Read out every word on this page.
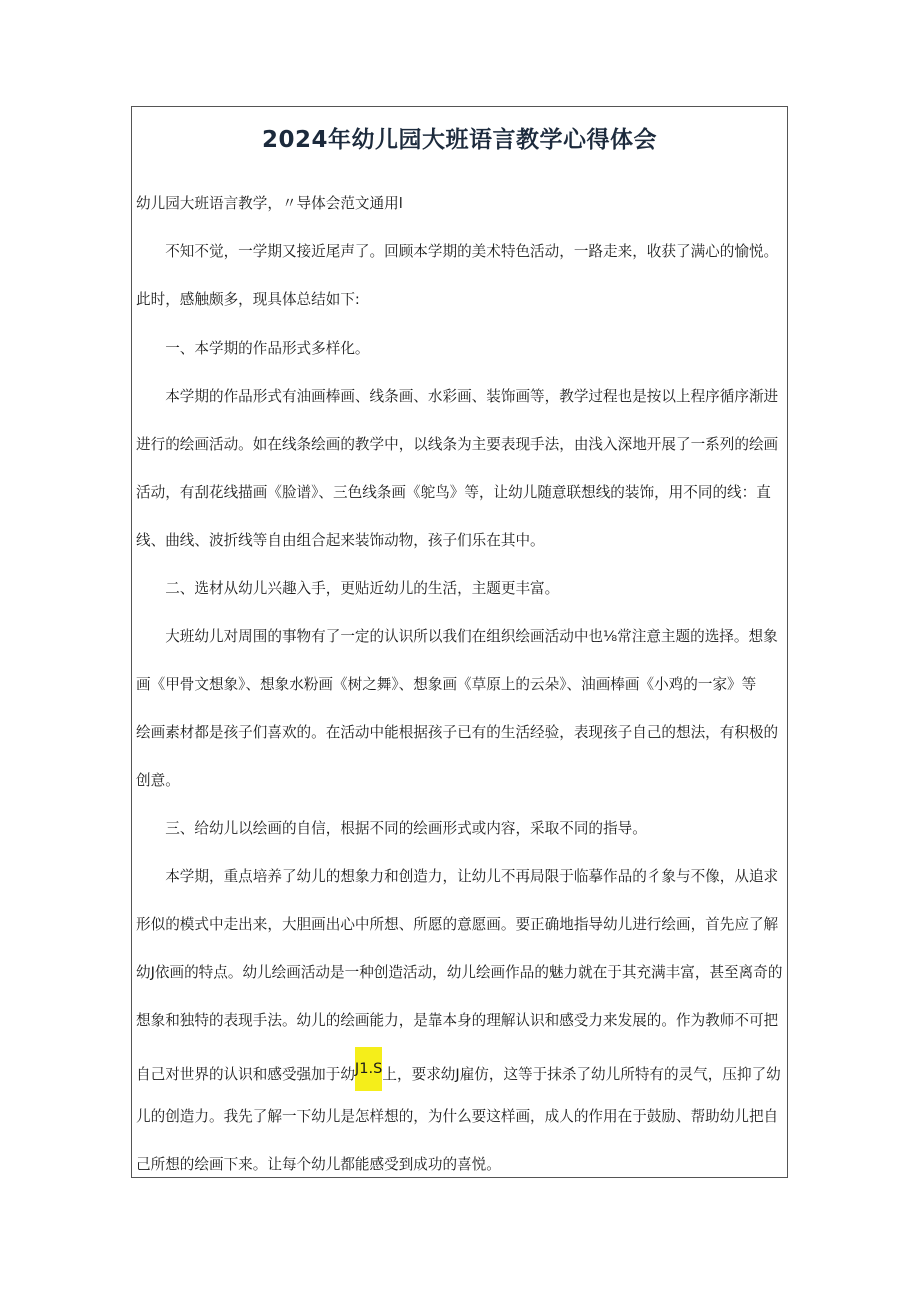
2024年幼儿园大班语言教学心得体会
幼儿园大班语言教学，〃导体会范文通用l
　　不知不觉，一学期又接近尾声了。回顾本学期的美术特色活动，一路走来，收获了满心的愉悦。
此时，感触颇多，现具体总结如下:
　　一、本学期的作品形式多样化。
　　本学期的作品形式有油画棒画、线条画、水彩画、装饰画等，教学过程也是按以上程序循序渐进
进行的绘画活动。如在线条绘画的教学中，以线条为主要表现手法，由浅入深地开展了一系列的绘画
活动，有刮花线描画《脸谱》、三色线条画《鸵鸟》等，让幼儿随意联想线的装饰，用不同的线：直
线、曲线、波折线等自由组合起来装饰动物，孩子们乐在其中。
　　二、选材从幼儿兴趣入手，更贴近幼儿的生活，主题更丰富。
　　大班幼儿对周围的事物有了一定的认识所以我们在组织绘画活动中也⅛常注意主题的选择。想象
画《甲骨文想象》、想象水粉画《树之舞》、想象画《草原上的云朵》、油画棒画《小鸡的一家》等
绘画素材都是孩子们喜欢的。在活动中能根据孩子已有的生活经验，表现孩子自己的想法，有积极的
创意。
　　三、给幼儿以绘画的自信，根据不同的绘画形式或内容，采取不同的指导。
　　本学期，重点培养了幼儿的想象力和创造力，让幼儿不再局限于临摹作品的彳象与不像，从追求
形似的模式中走出来，大胆画出心中所想、所愿的意愿画。要正确地指导幼儿进行绘画，首先应了解
幼J依画的特点。幼儿绘画活动是一种创造活动，幼儿绘画作品的魅力就在于其充满丰富，甚至离奇的
想象和独特的表现手法。幼儿的绘画能力，是靠本身的理解认识和感受力来发展的。作为教师不可把
自己对世界的认识和感受强加于幼J1.S上，要求幼J雇仿，这等于抹杀了幼儿所特有的灵气，压抑了幼
儿的创造力。我先了解一下幼儿是怎样想的，为什么要这样画，成人的作用在于鼓励、帮助幼儿把自
己所想的绘画下来。让每个幼儿都能感受到成功的喜悦。
